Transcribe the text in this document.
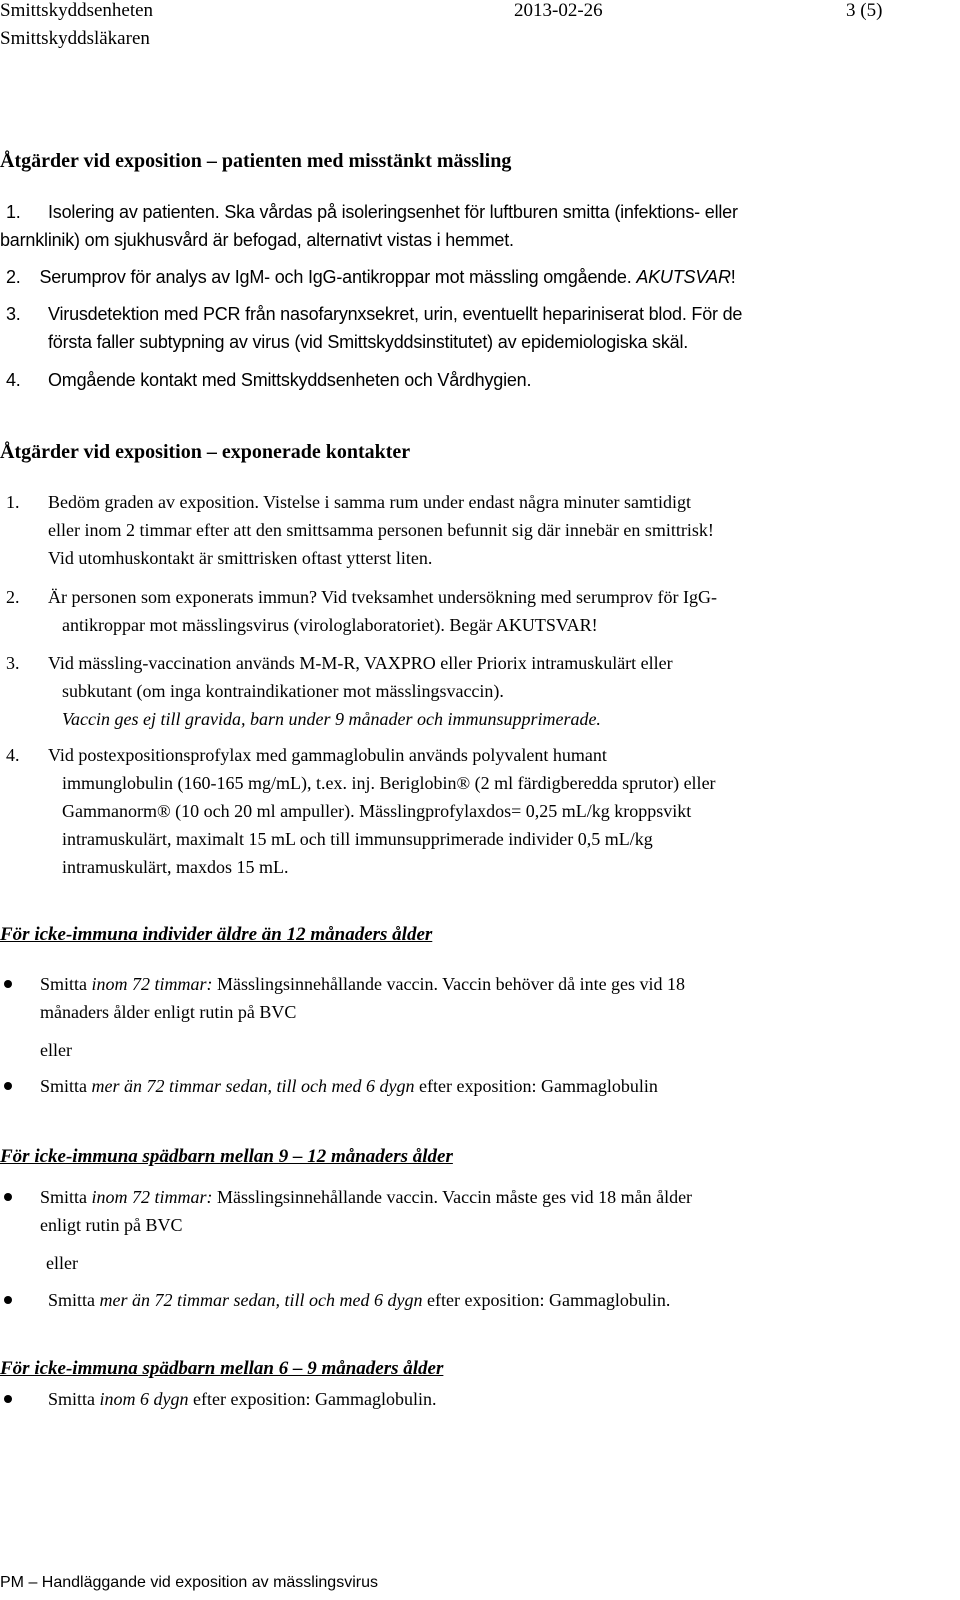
Smittskyddsenheten
Smittskyddsläkaren
2013-02-26	3 (5)
Åtgärder vid exposition – patienten med misstänkt mässling
1. Isolering av patienten. Ska vårdas på isoleringsenhet för luftburen smitta (infektions- eller
barnklinik) om sjukhusvård är befogad, alternativt vistas i hemmet.
2. Serumprov för analys av IgM- och IgG-antikroppar mot mässling omgående. AKUTSVAR!
3. Virusdetektion med PCR från nasofarynxsekret, urin, eventuellt hepariniserat blod. För de
första faller subtypning av virus (vid Smittskyddsinstitutet) av epidemiologiska skäl.
4. Omgående kontakt med Smittskyddsenheten och Vårdhygien.
Åtgärder vid exposition – exponerade kontakter
1. Bedöm graden av exposition. Vistelse i samma rum under endast några minuter samtidigt
eller inom 2 timmar efter att den smittsamma personen befunnit sig där innebär en smittrisk!
Vid utomhuskontakt är smittrisken oftast ytterst liten.
2. Är personen som exponerats immun? Vid tveksamhet undersökning med serumprov för IgG-
antikroppar mot mässlingsvirus (virologlaboratoriet). Begär AKUTSVAR!
3. Vid mässling-vaccination används M-M-R, VAXPRO eller Priorix intramuskulärt eller
subkutant (om inga kontraindikationer mot mässlingsvaccin).
Vaccin ges ej till gravida, barn under 9 månader och immunsupprimerade.
4. Vid postexpositionsprofylax med gammaglobulin används polyvalent humant
immunglobulin (160-165 mg/mL), t.ex. inj. Beriglobin® (2 ml färdigberedda sprutor) eller
Gammanorm® (10 och 20 ml ampuller). Mässlingprofylaxdos= 0,25 mL/kg kroppsvikt
intramuskulärt, maximalt 15 mL och till immunsupprimerade individer 0,5 mL/kg
intramuskulärt, maxdos 15 mL.
För icke-immuna individer äldre än 12 månaders ålder
Smitta inom 72 timmar: Mässlingsinnehållande vaccin. Vaccin behöver då inte ges vid 18
månaders ålder enligt rutin på BVC
eller
Smitta mer än 72 timmar sedan, till och med 6 dygn efter exposition: Gammaglobulin
För icke-immuna spädbarn mellan 9 – 12 månaders ålder
Smitta inom 72 timmar: Mässlingsinnehållande vaccin. Vaccin måste ges vid 18 mån ålder
enligt rutin på BVC
eller
Smitta mer än 72 timmar sedan, till och med 6 dygn efter exposition: Gammaglobulin.
För icke-immuna spädbarn mellan 6 – 9 månaders ålder
Smitta inom 6 dygn efter exposition: Gammaglobulin.
PM – Handläggande vid exposition av mässlingsvirus
